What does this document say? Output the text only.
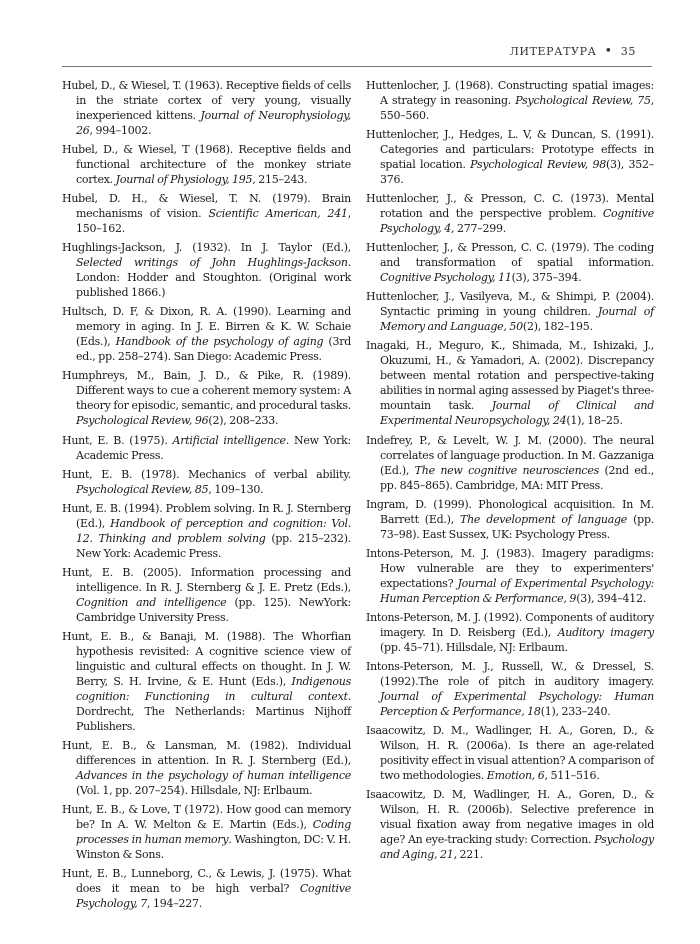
ЛИТЕРАТУРА • 35
Hubel, D., & Wiesel, T. (1963). Receptive fields of cells in the striate cortex of very young, visually inexperienced kittens. Journal of Neurophysiology, 26, 994–1002.
Hubel, D., & Wiesel, T (1968). Receptive fields and functional architecture of the monkey striate cortex. Journal of Physiology, 195, 215–243.
Hubel, D. H., & Wiesel, T. N. (1979). Brain mechanisms of vision. Scientific American, 241, 150–162.
Hughlings-Jackson, J. (1932). In J. Taylor (Ed.), Selected writings of John Hughlings-Jackson. London: Hodder and Stoughton. (Original work published 1866.)
Hultsch, D. F, & Dixon, R. A. (1990). Learning and memory in aging. In J. E. Birren & K. W. Schaie (Eds.), Handbook of the psychology of aging (3rd ed., pp. 258–274). San Diego: Academic Press.
Humphreys, M., Bain, J. D., & Pike, R. (1989). Different ways to cue a coherent memory system: A theory for episodic, semantic, and procedural tasks. Psychological Review, 96(2), 208–233.
Hunt, E. B. (1975). Artificial intelligence. New York: Academic Press.
Hunt, E. B. (1978). Mechanics of verbal ability. Psychological Review, 85, 109–130.
Hunt, E. B. (1994). Problem solving. In R. J. Sternberg (Ed.), Handbook of perception and cognition: Vol. 12. Thinking and problem solving (pp. 215–232). New York: Academic Press.
Hunt, E. B. (2005). Information processing and intelligence. In R. J. Sternberg & J. E. Pretz (Eds.), Cognition and intelligence (pp. 125). NewYork: Cambridge University Press.
Hunt, E. B., & Banaji, M. (1988). The Whorfian hypothesis revisited: A cognitive science view of linguistic and cultural effects on thought. In J. W. Berry, S. H. Irvine, & E. Hunt (Eds.), Indigenous cognition: Functioning in cultural context. Dordrecht, The Netherlands: Martinus Nijhoff Publishers.
Hunt, E. B., & Lansman, M. (1982). Individual differences in attention. In R. J. Sternberg (Ed.), Advances in the psychology of human intelligence (Vol. 1, pp. 207–254). Hillsdale, NJ: Erlbaum.
Hunt, E. B., & Love, T (1972). How good can memory be? In A. W. Melton & E. Martin (Eds.), Coding processes in human memory. Washington, DC: V. H. Winston & Sons.
Hunt, E. B., Lunneborg, C., & Lewis, J. (1975). What does it mean to be high verbal? Cognitive Psychology, 7, 194–227.
Huttenlocher, J. (1968). Constructing spatial images: A strategy in reasoning. Psychological Review, 75, 550–560.
Huttenlocher, J., Hedges, L. V, & Duncan, S. (1991). Categories and particulars: Prototype effects in spatial location. Psychological Review, 98(3), 352–376.
Huttenlocher, J., & Presson, C. C. (1973). Mental rotation and the perspective problem. Cognitive Psychology, 4, 277–299.
Huttenlocher, J., & Presson, C. C. (1979). The coding and transformation of spatial information. Cognitive Psychology, 11(3), 375–394.
Huttenlocher, J., Vasilyeva, M., & Shimpi, P. (2004). Syntactic priming in young children. Journal of Memory and Language, 50(2), 182–195.
Inagaki, H., Meguro, K., Shimada, M., Ishizaki, J., Okuzumi, H., & Yamadori, A. (2002). Discrepancy between mental rotation and perspective-taking abilities in normal aging assessed by Piaget's three-mountain task. Journal of Clinical and Experimental Neuropsychology, 24(1), 18–25.
Indefrey, P., & Levelt, W. J. M. (2000). The neural correlates of language production. In M. Gazzaniga (Ed.), The new cognitive neurosciences (2nd ed., pp. 845–865). Cambridge, MA: MIT Press.
Ingram, D. (1999). Phonological acquisition. In M. Barrett (Ed.), The development of language (pp. 73–98). East Sussex, UK: Psychology Press.
Intons-Peterson, M. J. (1983). Imagery paradigms: How vulnerable are they to experimenters' expectations? Journal of Experimental Psychology: Human Perception & Performance, 9(3), 394–412.
Intons-Peterson, M. J. (1992). Components of auditory imagery. In D. Reisberg (Ed.), Auditory imagery (pp. 45–71). Hillsdale, NJ: Erlbaum.
Intons-Peterson, M. J., Russell, W., & Dressel, S. (1992).The role of pitch in auditory imagery. Journal of Experimental Psychology: Human Perception & Performance, 18(1), 233–240.
Isaacowitz, D. M., Wadlinger, H. A., Goren, D., & Wilson, H. R. (2006a). Is there an age-related positivity effect in visual attention? A comparison of two methodologies. Emotion, 6, 511–516.
Isaacowitz, D. M, Wadlinger, H. A., Goren, D., & Wilson, H. R. (2006b). Selective preference in visual fixation away from negative images in old age? An eye-tracking study: Correction. Psychology and Aging, 21, 221.
